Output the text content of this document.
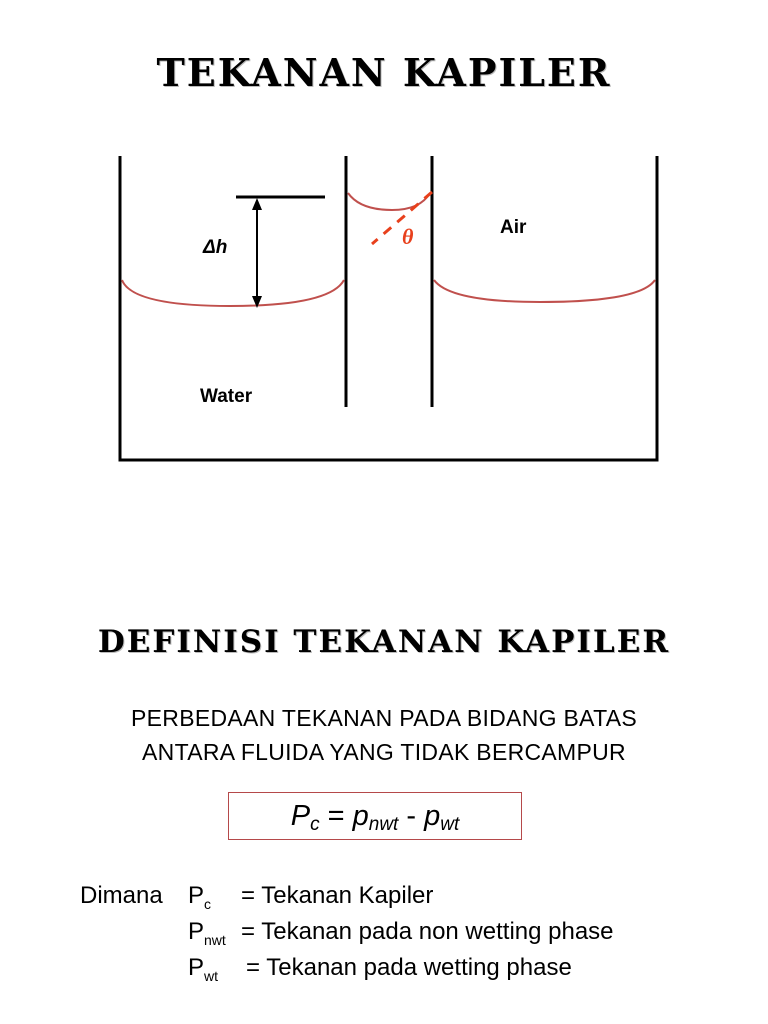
TEKANAN KAPILER
Δh	θ	Air
Water
DEFINISI TEKANAN KAPILER
PERBEDAAN TEKANAN PADA BIDANG BATAS
ANTARA FLUIDA YANG TIDAK BERCAMPUR
$P_c = p_{nwt} - p_{wt}$
Dimana $P_c$ = Tekanan Kapiler
$P_{nwt}$ = Tekanan pada non wetting phase
$P_{wt}$ = Tekanan pada wetting phase
